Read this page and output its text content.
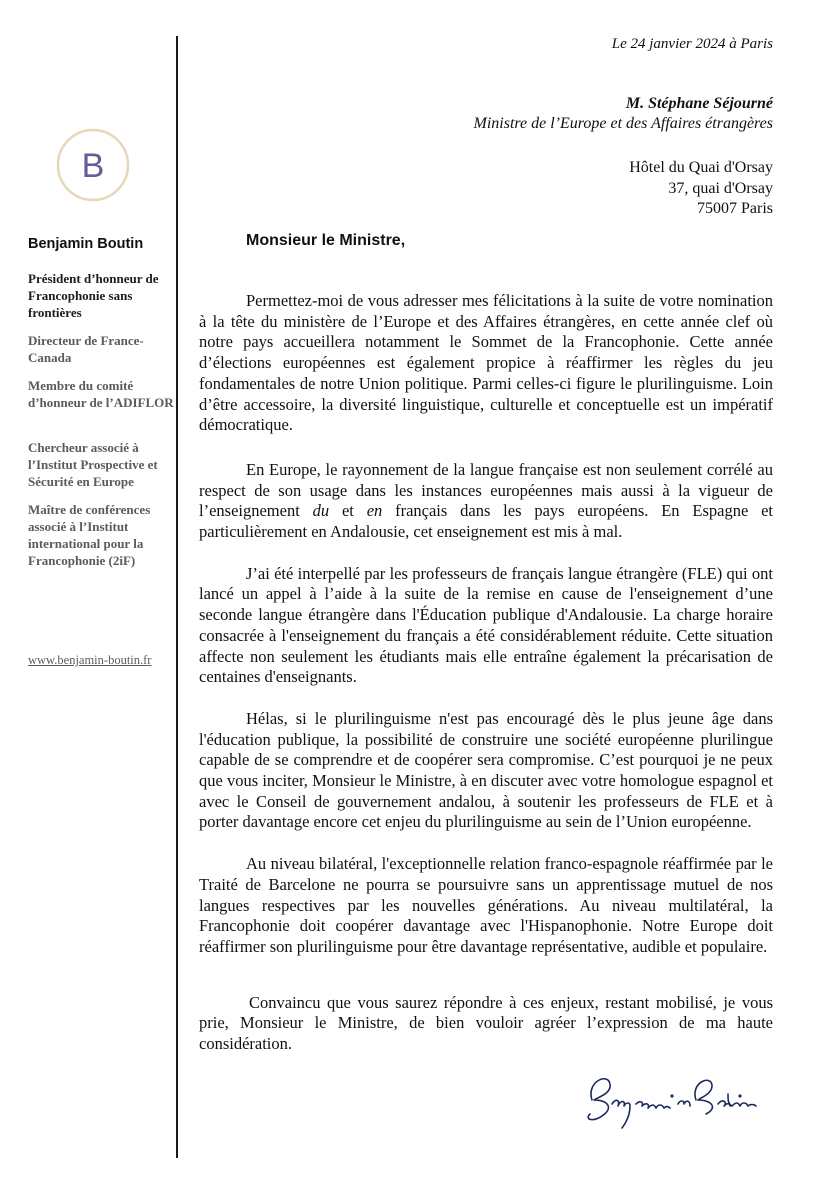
B
Benjamin Boutin
Président d’honneur de Francophonie sans frontières
Directeur de France-Canada
Membre du comité d’honneur de l’ADIFLOR
Chercheur associé à l’Institut Prospective et Sécurité en Europe
Maître de conférences associé à l’Institut international pour la Francophonie (2iF)
www.benjamin-boutin.fr
Le 24 janvier 2024 à Paris
M. Stéphane Séjourné
Ministre de l’Europe et des Affaires étrangères
Hôtel du Quai d'Orsay
37, quai d'Orsay
75007 Paris
Monsieur le Ministre,

Permettez-moi de vous adresser mes félicitations à la suite de votre nomination à la tête du ministère de l’Europe et des Affaires étrangères, en cette année clef où notre pays accueillera notamment le Sommet de la Francophonie. Cette année d’élections européennes est également propice à réaffirmer les règles du jeu fondamentales de notre Union politique. Parmi celles-ci figure le plurilinguisme. Loin d’être accessoire, la diversité linguistique, culturelle et conceptuelle est un impératif démocratique.

En Europe, le rayonnement de la langue française est non seulement corrélé au respect de son usage dans les instances européennes mais aussi à la vigueur de l’enseignement du et en français dans les pays européens. En Espagne et particulièrement en Andalousie, cet enseignement est mis à mal.

J’ai été interpellé par les professeurs de français langue étrangère (FLE) qui ont lancé un appel à l’aide à la suite de la remise en cause de l'enseignement d’une seconde langue étrangère dans l'Éducation publique d'Andalousie. La charge horaire consacrée à l'enseignement du français a été considérablement réduite. Cette situation affecte non seulement les étudiants mais elle entraîne également la précarisation de centaines d'enseignants.

Hélas, si le plurilinguisme n'est pas encouragé dès le plus jeune âge dans l'éducation publique, la possibilité de construire une société européenne plurilingue capable de se comprendre et de coopérer sera compromise. C’est pourquoi je ne peux que vous inciter, Monsieur le Ministre, à en discuter avec votre homologue espagnol et avec le Conseil de gouvernement andalou, à soutenir les professeurs de FLE et à porter davantage encore cet enjeu du plurilinguisme au sein de l’Union européenne.

Au niveau bilatéral, l'exceptionnelle relation franco-espagnole réaffirmée par le Traité de Barcelone ne pourra se poursuivre sans un apprentissage mutuel de nos langues respectives par les nouvelles générations. Au niveau multilatéral, la Francophonie doit coopérer davantage avec l'Hispanophonie. Notre Europe doit réaffirmer son plurilinguisme pour être davantage représentative, audible et populaire.

Convaincu que vous saurez répondre à ces enjeux, restant mobilisé, je vous prie, Monsieur le Ministre, de bien vouloir agréer l’expression de ma haute considération.
